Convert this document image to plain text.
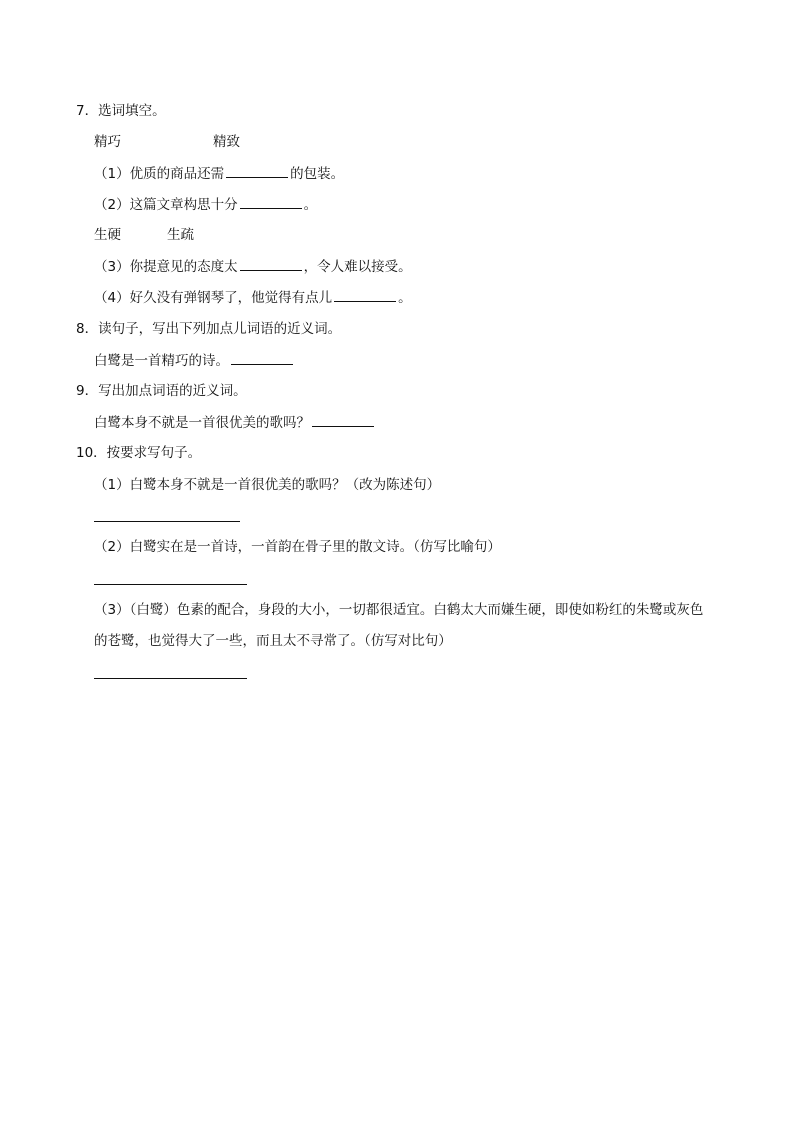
7．选词填空。
精巧	精致
（1）优质的商品还需	的包装。
（2）这篇文章构思十分	。
生硬	生疏
（3）你提意见的态度太	，令人难以接受。
（4）好久没有弹钢琴了，他觉得有点儿	。
8．读句子，写出下列加点儿词语的近义词。
白鹭是一首精巧的诗。
9．写出加点词语的近义词。
白鹭本身不就是一首很优美的歌吗？
10．按要求写句子。
（1）白鹭本身不就是一首很优美的歌吗？（改为陈述句）
（2）白鹭实在是一首诗，一首韵在骨子里的散文诗。（仿写比喻句）
（3）（白鹭）色素的配合，身段的大小，一切都很适宜。白鹤太大而嫌生硬，即使如粉红的朱鹭或灰色
的苍鹭，也觉得大了一些，而且太不寻常了。（仿写对比句）
